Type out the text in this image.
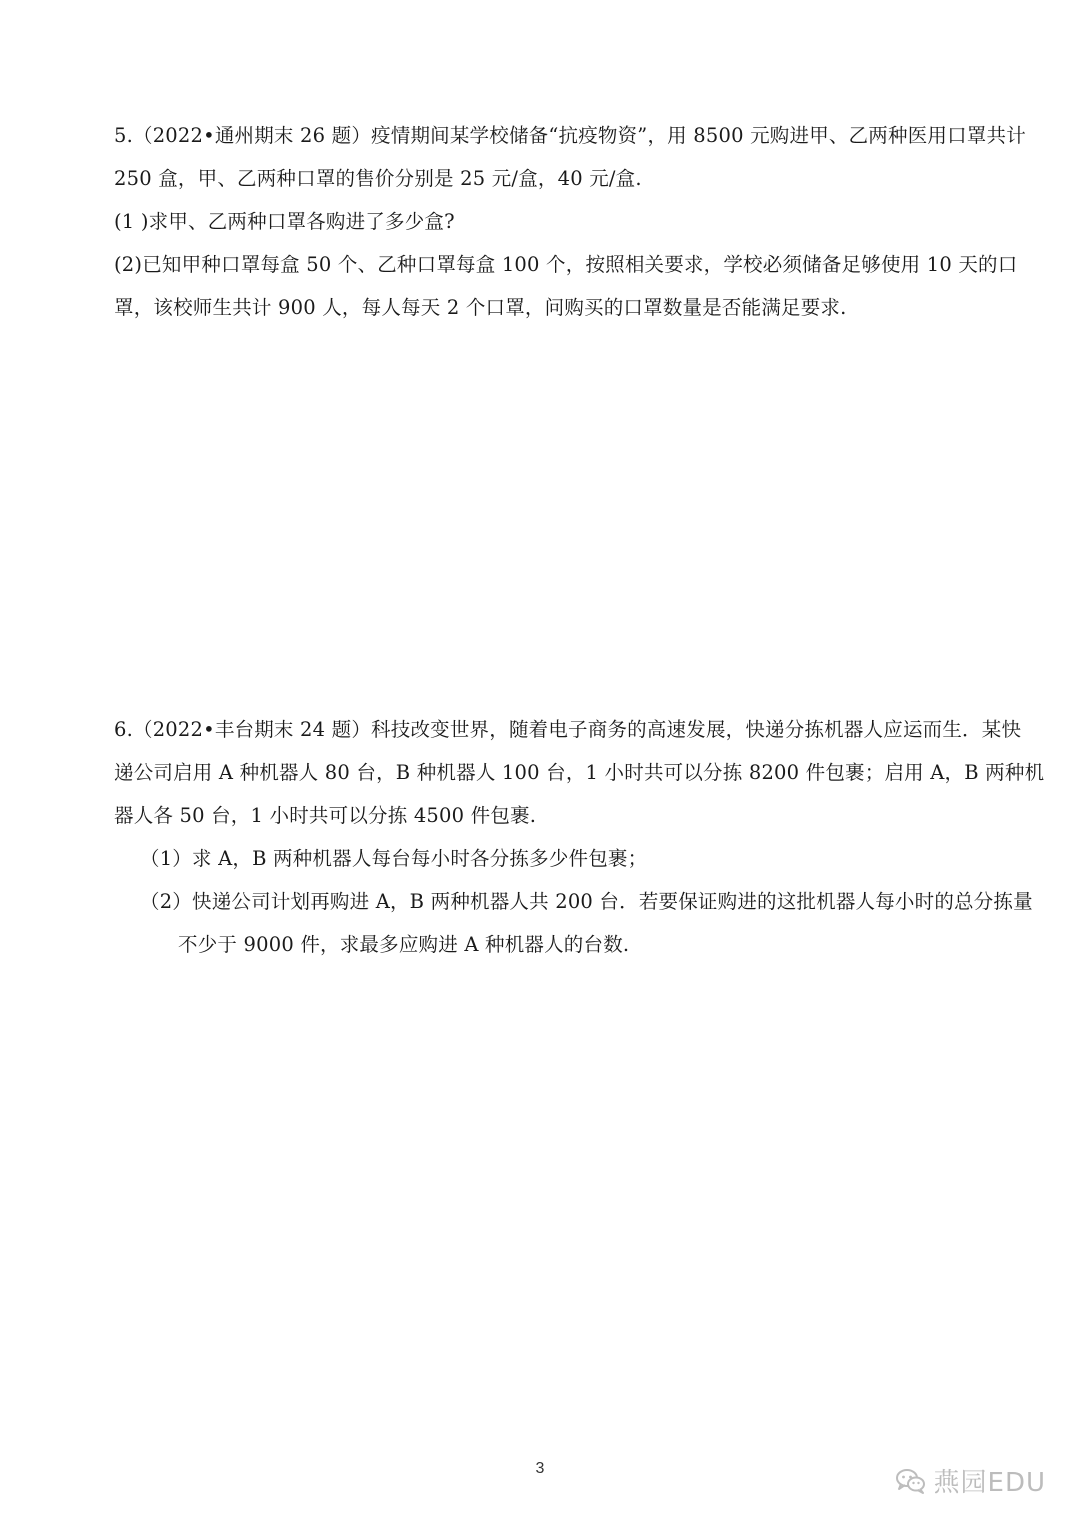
5.（2022•通州期末 26 题）疫情期间某学校储备“抗疫物资”，用 8500 元购进甲、乙两种医用口罩共计
250 盒，甲、乙两种口罩的售价分别是 25 元/盒，40 元/盒.
(1 )求甲、乙两种口罩各购进了多少盒?
(2)已知甲种口罩每盒 50 个、乙种口罩每盒 100 个，按照相关要求，学校必须储备足够使用 10 天的口
罩，该校师生共计 900 人，每人每天 2 个口罩，问购买的口罩数量是否能满足要求.
6.（2022•丰台期末 24 题）科技改变世界，随着电子商务的高速发展，快递分拣机器人应运而生．某快
递公司启用 A 种机器人 80 台，B 种机器人 100 台，1 小时共可以分拣 8200 件包裹；启用 A，B 两种机
器人各 50 台，1 小时共可以分拣 4500 件包裹.
（1）求 A，B 两种机器人每台每小时各分拣多少件包裹；
（2）快递公司计划再购进 A，B 两种机器人共 200 台．若要保证购进的这批机器人每小时的总分拣量
不少于 9000 件，求最多应购进 A 种机器人的台数.
3	燕园EDU
